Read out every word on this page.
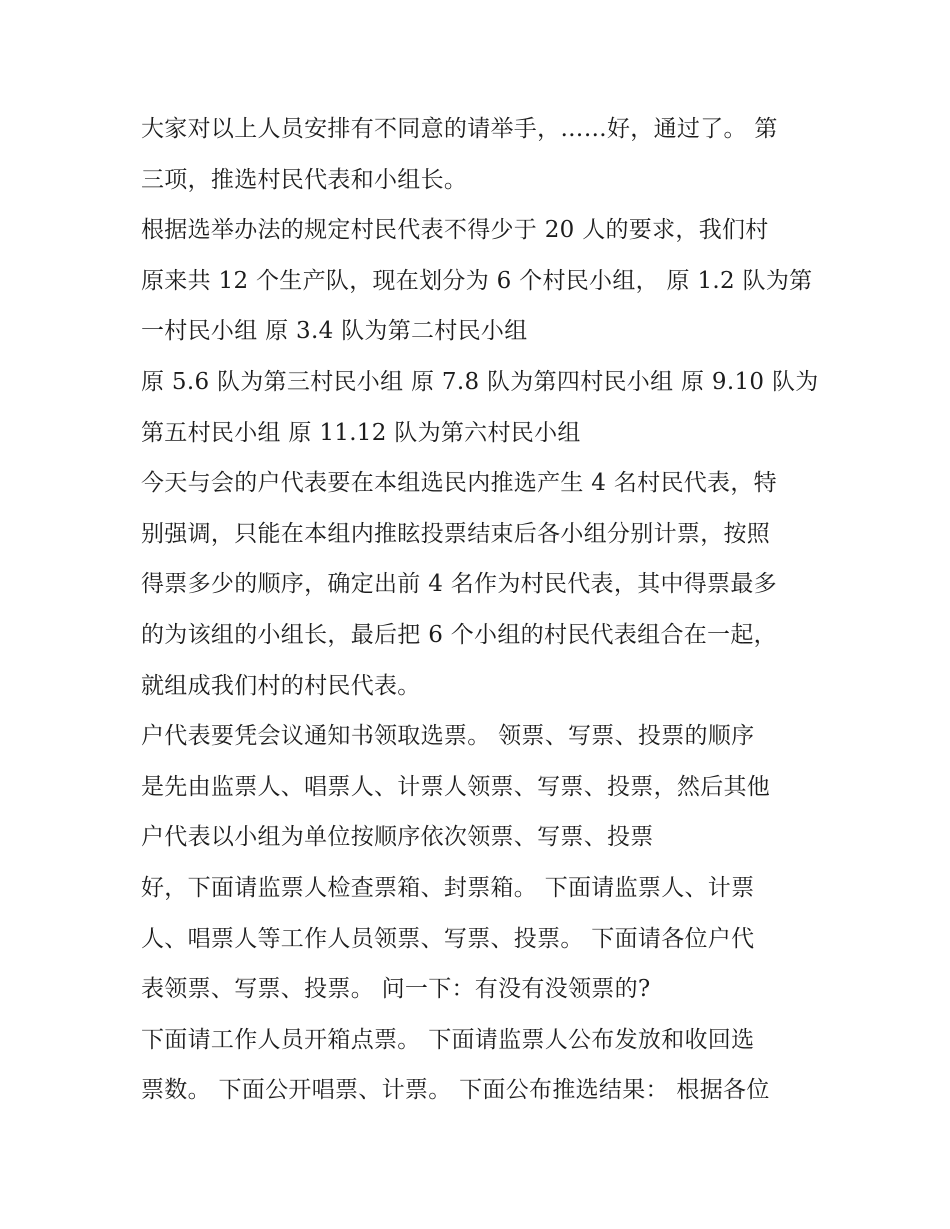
大家对以上人员安排有不同意的请举手，……好，通过了。 第
三项，推选村民代表和小组长。
根据选举办法的规定村民代表不得少于 20 人的要求，我们村
原来共 12 个生产队，现在划分为 6 个村民小组， 原 1.2 队为第
一村民小组 原 3.4 队为第二村民小组
原 5.6 队为第三村民小组 原 7.8 队为第四村民小组 原 9.10 队为
第五村民小组 原 11.12 队为第六村民小组
今天与会的户代表要在本组选民内推选产生 4 名村民代表，特
别强调，只能在本组内推眩投票结束后各小组分别计票，按照
得票多少的顺序，确定出前 4 名作为村民代表，其中得票最多
的为该组的小组长，最后把 6 个小组的村民代表组合在一起，
就组成我们村的村民代表。
户代表要凭会议通知书领取选票。 领票、写票、投票的顺序
是先由监票人、唱票人、计票人领票、写票、投票，然后其他
户代表以小组为单位按顺序依次领票、写票、投票
好，下面请监票人检查票箱、封票箱。 下面请监票人、计票
人、唱票人等工作人员领票、写票、投票。 下面请各位户代
表领票、写票、投票。 问一下：有没有没领票的?
下面请工作人员开箱点票。 下面请监票人公布发放和收回选
票数。 下面公开唱票、计票。 下面公布推选结果： 根据各位
